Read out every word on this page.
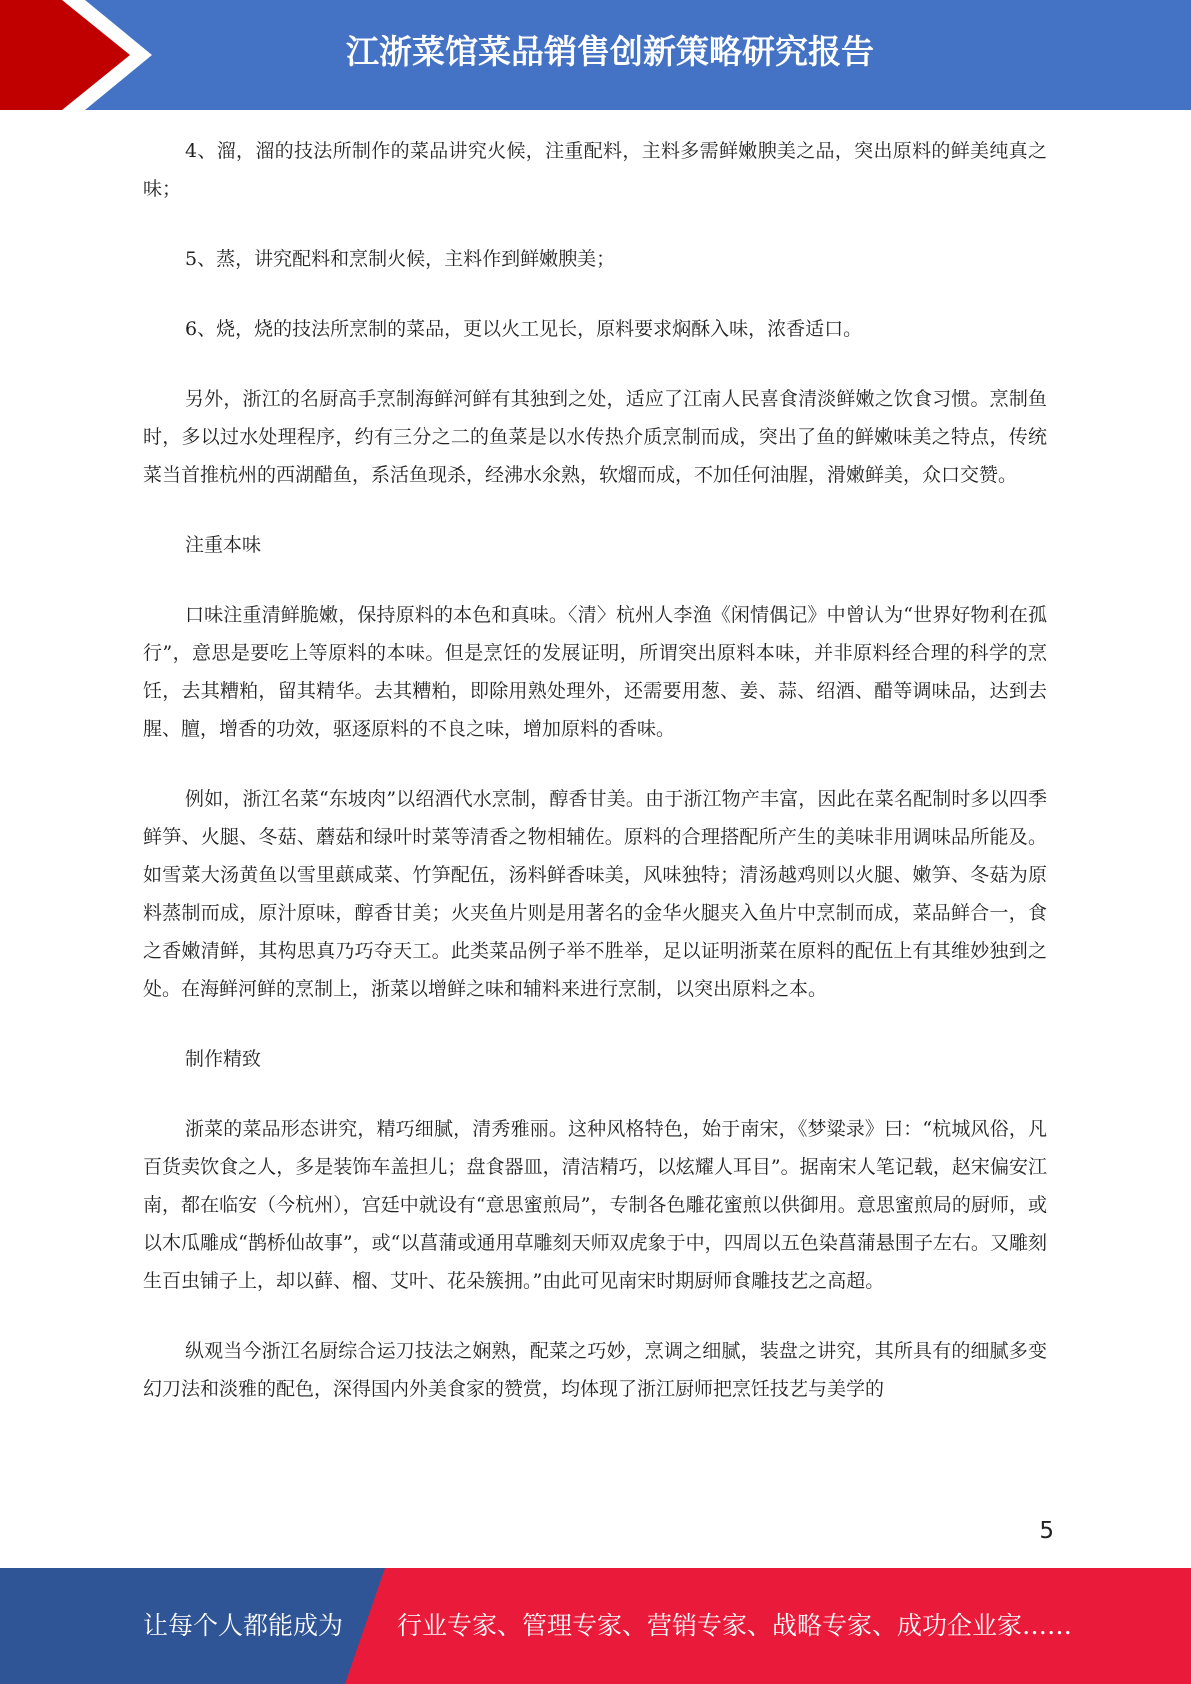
江浙菜馆菜品销售创新策略研究报告

4、溜，溜的技法所制作的菜品讲究火候，注重配料，主料多需鲜嫩腴美之品，突出原料的鲜美纯真之味；

5、蒸，讲究配料和烹制火候，主料作到鲜嫩腴美；

6、烧，烧的技法所烹制的菜品，更以火工见长，原料要求焖酥入味，浓香适口。

另外，浙江的名厨高手烹制海鲜河鲜有其独到之处，适应了江南人民喜食清淡鲜嫩之饮食习惯。烹制鱼时，多以过水处理程序，约有三分之二的鱼菜是以水传热介质烹制而成，突出了鱼的鲜嫩味美之特点，传统菜当首推杭州的西湖醋鱼，系活鱼现杀，经沸水氽熟，软熘而成，不加任何油腥，滑嫩鲜美，众口交赞。

注重本味

口味注重清鲜脆嫩，保持原料的本色和真味。〈清〉杭州人李渔《闲情偶记》中曾认为“世界好物利在孤行”，意思是要吃上等原料的本味。但是烹饪的发展证明，所谓突出原料本味，并非原料经合理的科学的烹饪，去其糟粕，留其精华。去其糟粕，即除用熟处理外，还需要用葱、姜、蒜、绍酒、醋等调味品，达到去腥、膻，增香的功效，驱逐原料的不良之味，增加原料的香味。

例如，浙江名菜“东坡肉”以绍酒代水烹制，醇香甘美。由于浙江物产丰富，因此在菜名配制时多以四季鲜笋、火腿、冬菇、蘑菇和绿叶时菜等清香之物相辅佐。原料的合理搭配所产生的美味非用调味品所能及。如雪菜大汤黄鱼以雪里蕻咸菜、竹笋配伍，汤料鲜香味美，风味独特；清汤越鸡则以火腿、嫩笋、冬菇为原料蒸制而成，原汁原味，醇香甘美；火夹鱼片则是用著名的金华火腿夹入鱼片中烹制而成，菜品鲜合一，食之香嫩清鲜，其构思真乃巧夺天工。此类菜品例子举不胜举，足以证明浙菜在原料的配伍上有其维妙独到之处。在海鲜河鲜的烹制上，浙菜以增鲜之味和辅料来进行烹制，以突出原料之本。

制作精致

浙菜的菜品形态讲究，精巧细腻，清秀雅丽。这种风格特色，始于南宋，《梦粱录》曰：“杭城风俗，凡百货卖饮食之人，多是装饰车盖担儿；盘食器皿，清洁精巧，以炫耀人耳目”。据南宋人笔记载，赵宋偏安江南，都在临安（今杭州），宫廷中就设有“意思蜜煎局”，专制各色雕花蜜煎以供御用。意思蜜煎局的厨师，或以木瓜雕成“鹊桥仙故事”，或“以菖蒲或通用草雕刻天师双虎象于中，四周以五色染菖蒲悬围子左右。又雕刻生百虫铺子上，却以藓、榴、艾叶、花朵簇拥。”由此可见南宋时期厨师食雕技艺之高超。

纵观当今浙江名厨综合运刀技法之娴熟，配菜之巧妙，烹调之细腻，装盘之讲究，其所具有的细腻多变幻刀法和淡雅的配色，深得国内外美食家的赞赏，均体现了浙江厨师把烹饪技艺与美学的

5
让每个人都能成为 行业专家、管理专家、营销专家、战略专家、成功企业家……
